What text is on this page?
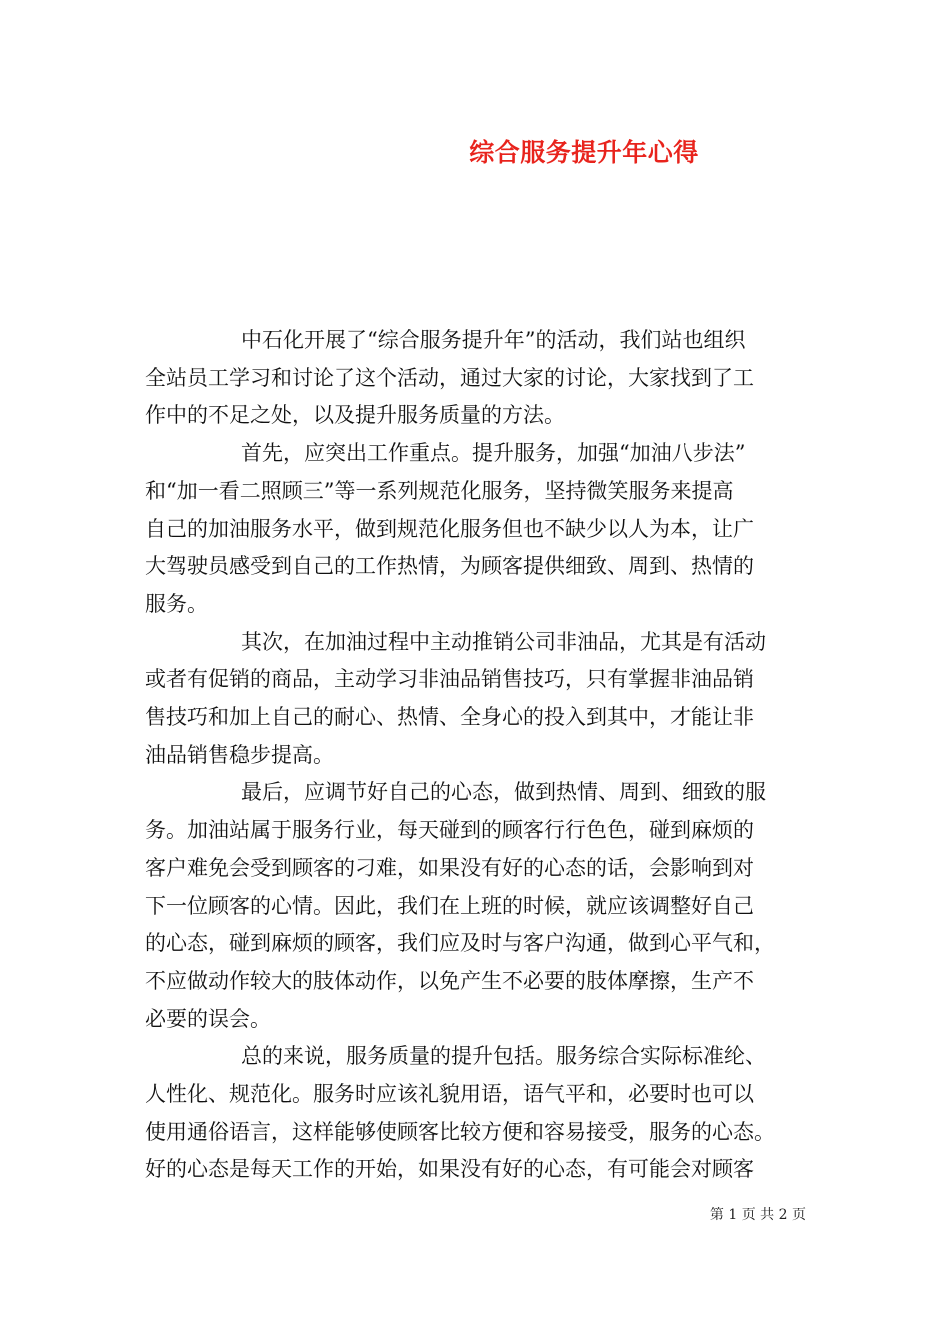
综合服务提升年心得

中石化开展了“综合服务提升年”的活动，我们站也组织
全站员工学习和讨论了这个活动，通过大家的讨论，大家找到了工
作中的不足之处，以及提升服务质量的方法。

首先，应突出工作重点。提升服务，加强“加油八步法”
和“加一看二照顾三”等一系列规范化服务，坚持微笑服务来提高
自己的加油服务水平，做到规范化服务但也不缺少以人为本，让广
大驾驶员感受到自己的工作热情，为顾客提供细致、周到、热情的
服务。

其次，在加油过程中主动推销公司非油品，尤其是有活动
或者有促销的商品，主动学习非油品销售技巧，只有掌握非油品销
售技巧和加上自己的耐心、热情、全身心的投入到其中，才能让非
油品销售稳步提高。

最后，应调节好自己的心态，做到热情、周到、细致的服
务。加油站属于服务行业，每天碰到的顾客行行色色，碰到麻烦的
客户难免会受到顾客的刁难，如果没有好的心态的话，会影响到对
下一位顾客的心情。因此，我们在上班的时候，就应该调整好自己
的心态，碰到麻烦的顾客，我们应及时与客户沟通，做到心平气和，
不应做动作较大的肢体动作，以免产生不必要的肢体摩擦，生产不
必要的误会。

总的来说，服务质量的提升包括。服务综合实际标准纶、
人性化、规范化。服务时应该礼貌用语，语气平和，必要时也可以
使用通俗语言，这样能够使顾客比较方便和容易接受，服务的心态。
好的心态是每天工作的开始，如果没有好的心态，有可能会对顾客

第 1 页 共 2 页
